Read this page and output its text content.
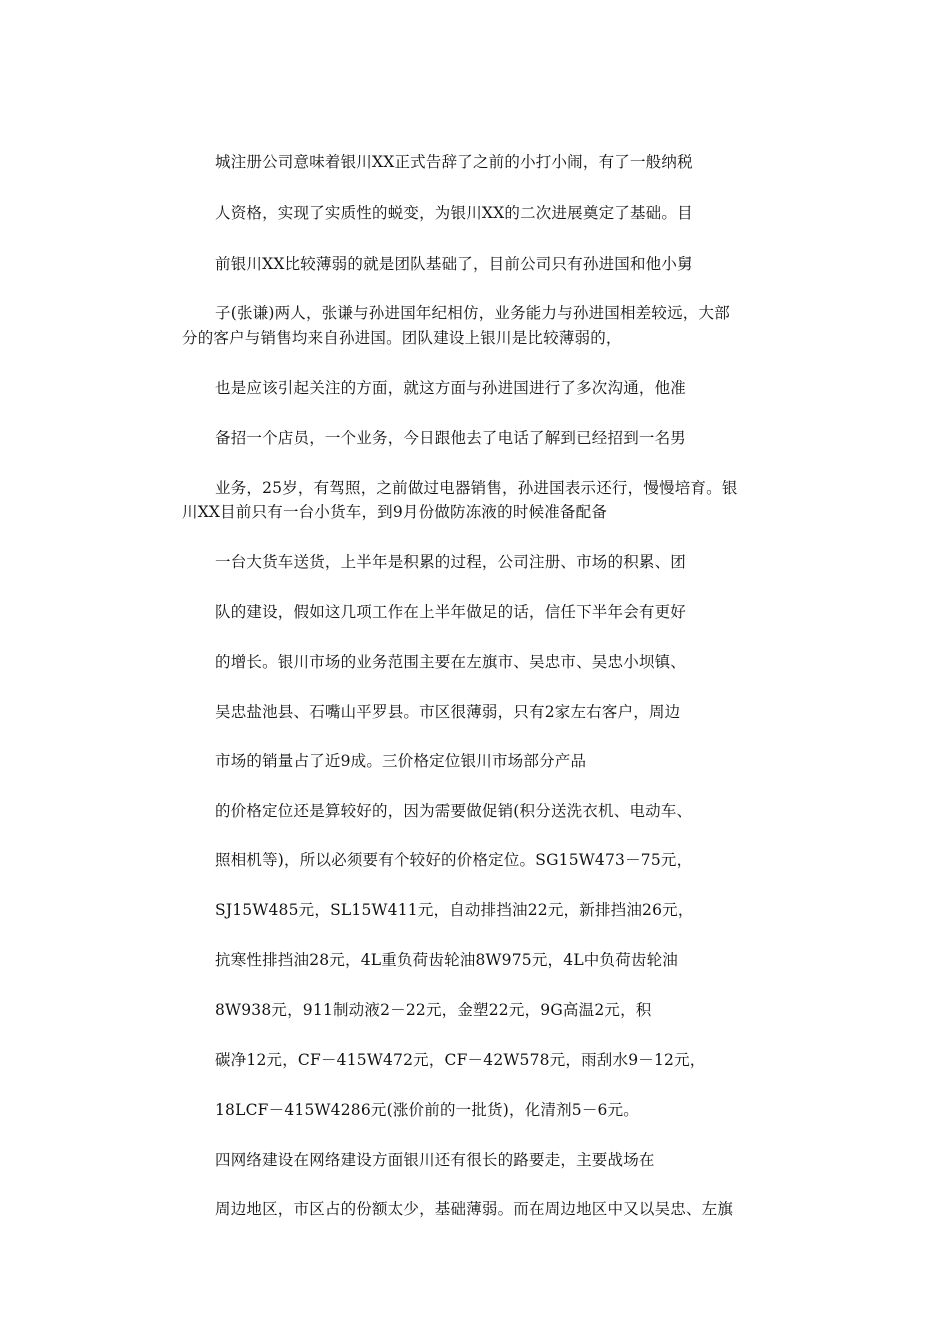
城注册公司意味着银川XX正式告辞了之前的小打小闹，有了一般纳税
人资格，实现了实质性的蜕变，为银川XX的二次进展奠定了基础。目
前银川XX比较薄弱的就是团队基础了，目前公司只有孙进国和他小舅
子(张谦)两人，张谦与孙进国年纪相仿，业务能力与孙进国相差较远，大部
分的客户与销售均来自孙进国。团队建设上银川是比较薄弱的，
也是应该引起关注的方面，就这方面与孙进国进行了多次沟通，他准
备招一个店员，一个业务，今日跟他去了电话了解到已经招到一名男
业务，25岁，有驾照，之前做过电器销售，孙进国表示还行，慢慢培育。银
川XX目前只有一台小货车，到9月份做防冻液的时候准备配备
一台大货车送货，上半年是积累的过程，公司注册、市场的积累、团
队的建设，假如这几项工作在上半年做足的话，信任下半年会有更好
的增长。银川市场的业务范围主要在左旗市、吴忠市、吴忠小坝镇、
吴忠盐池县、石嘴山平罗县。市区很薄弱，只有2家左右客户，周边
市场的销量占了近9成。三价格定位银川市场部分产品
的价格定位还是算较好的，因为需要做促销(积分送洗衣机、电动车、
照相机等)，所以必须要有个较好的价格定位。SG15W473－75元，
SJ15W485元，SL15W411元，自动排挡油22元，新排挡油26元，
抗寒性排挡油28元，4L重负荷齿轮油8W975元，4L中负荷齿轮油
8W938元，911制动液2－22元，金塑22元，9G高温2元，积
碳净12元，CF－415W472元，CF－42W578元，雨刮水9－12元，
18LCF－415W4286元(涨价前的一批货)，化清剂5－6元。
四网络建设在网络建设方面银川还有很长的路要走，主要战场在
周边地区，市区占的份额太少，基础薄弱。而在周边地区中又以吴忠、左旗
